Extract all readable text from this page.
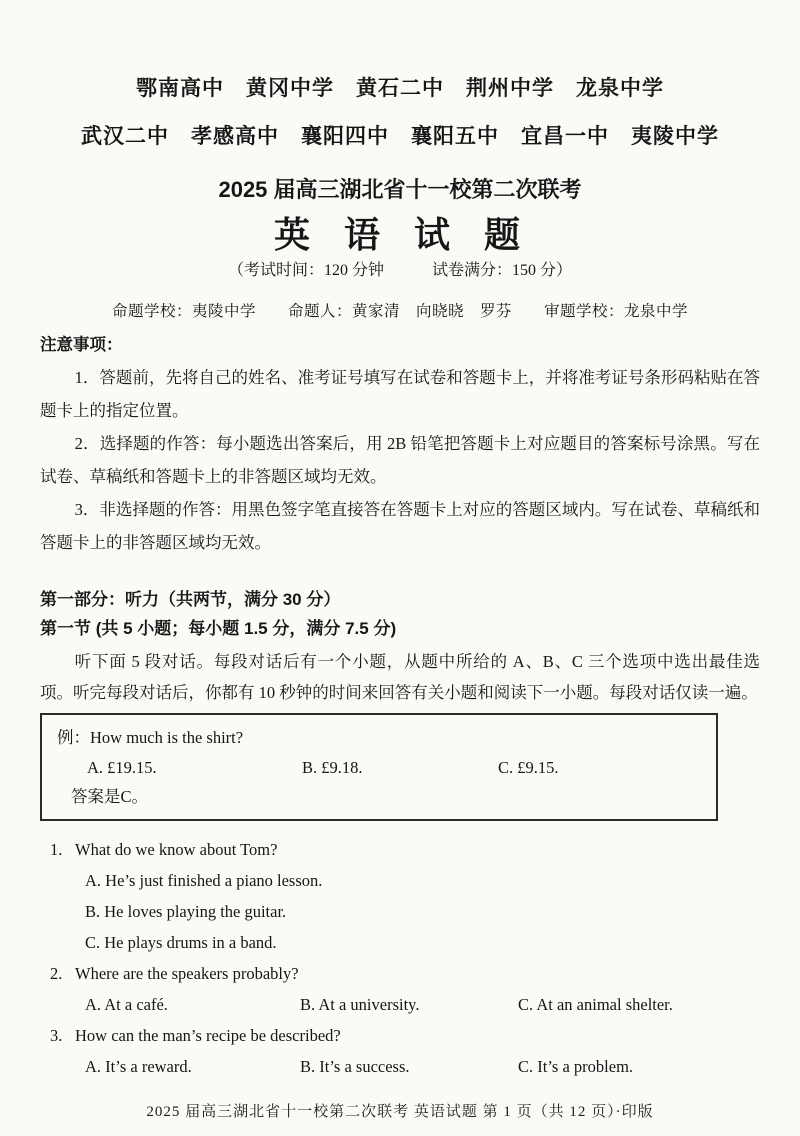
鄂南高中　黄冈中学　黄石二中　荆州中学　龙泉中学

武汉二中　孝感高中　襄阳四中　襄阳五中　宜昌一中　夷陵中学

2025 届高三湖北省十一校第二次联考

英 语 试 题

（考试时间：120 分钟　　　试卷满分：150 分）

命题学校：夷陵中学　　命题人：黄家清　向晓晓　罗芬　　审题学校：龙泉中学

注意事项：

1．答题前，先将自己的姓名、准考证号填写在试卷和答题卡上，并将准考证号条形码粘贴在答题卡上的指定位置。

2．选择题的作答：每小题选出答案后，用 2B 铅笔把答题卡上对应题目的答案标号涂黑。写在试卷、草稿纸和答题卡上的非答题区域均无效。

3．非选择题的作答：用黑色签字笔直接答在答题卡上对应的答题区域内。写在试卷、草稿纸和答题卡上的非答题区域均无效。

第一部分：听力（共两节，满分 30 分）

第一节 (共 5 小题；每小题 1.5 分，满分 7.5 分)

听下面 5 段对话。每段对话后有一个小题，从题中所给的 A、B、C 三个选项中选出最佳选项。听完每段对话后，你都有 10 秒钟的时间来回答有关小题和阅读下一小题。每段对话仅读一遍。

例：How much is the shirt?

A. £19.15.	B. £9.18.	C. £9.15.

答案是C。

1. What do we know about Tom?
A. He’s just finished a piano lesson.
B. He loves playing the guitar.
C. He plays drums in a band.
2. Where are the speakers probably?
A. At a café.	B. At a university.	C. At an animal shelter.
3. How can the man’s recipe be described?
A. It’s a reward.	B. It’s a success.	C. It’s a problem.
2025 届高三湖北省十一校第二次联考 英语试题 第 1 页（共 12 页）·印版
